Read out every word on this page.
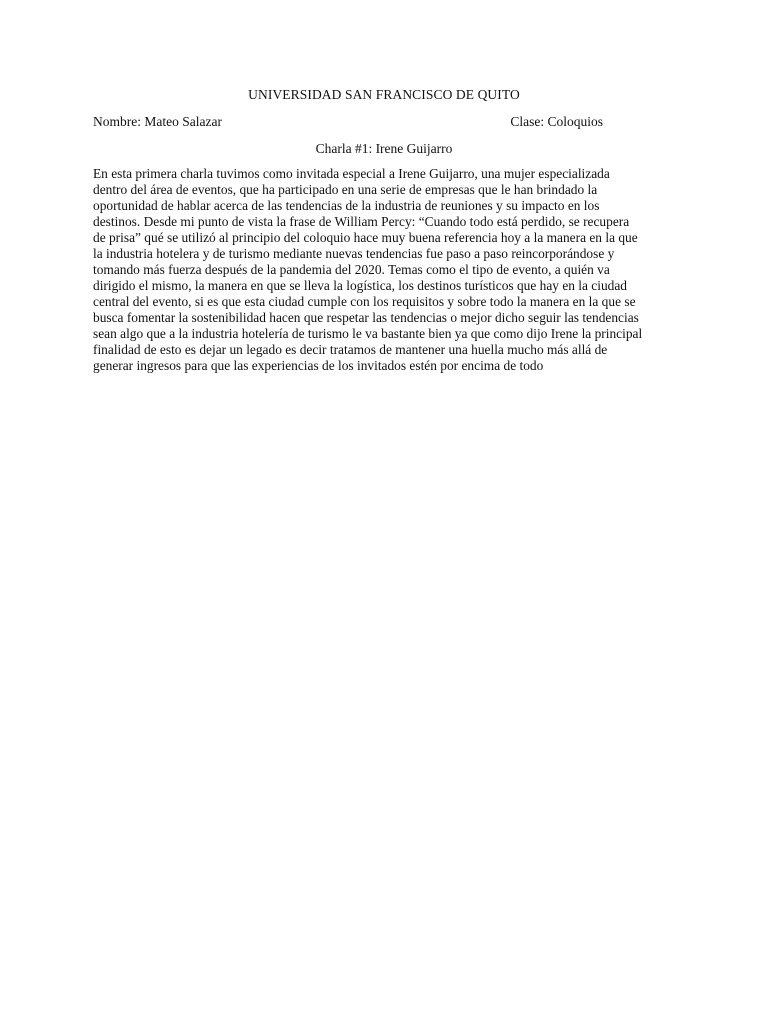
UNIVERSIDAD SAN FRANCISCO DE QUITO
Nombre: Mateo Salazar	Clase: Coloquios
Charla #1: Irene Guijarro

En esta primera charla tuvimos como invitada especial a Irene Guijarro, una mujer especializada
dentro del área de eventos, que ha participado en una serie de empresas que le han brindado la
oportunidad de hablar acerca de las tendencias de la industria de reuniones y su impacto en los
destinos. Desde mi punto de vista la frase de William Percy: “Cuando todo está perdido, se recupera
de prisa” qué se utilizó al principio del coloquio hace muy buena referencia hoy a la manera en la que
la industria hotelera y de turismo mediante nuevas tendencias fue paso a paso reincorporándose y
tomando más fuerza después de la pandemia del 2020. Temas como el tipo de evento, a quién va
dirigido el mismo, la manera en que se lleva la logística, los destinos turísticos que hay en la ciudad
central del evento, si es que esta ciudad cumple con los requisitos y sobre todo la manera en la que se
busca fomentar la sostenibilidad hacen que respetar las tendencias o mejor dicho seguir las tendencias
sean algo que a la industria hotelería de turismo le va bastante bien ya que como dijo Irene la principal
finalidad de esto es dejar un legado es decir tratamos de mantener una huella mucho más allá de
generar ingresos para que las experiencias de los invitados estén por encima de todo
